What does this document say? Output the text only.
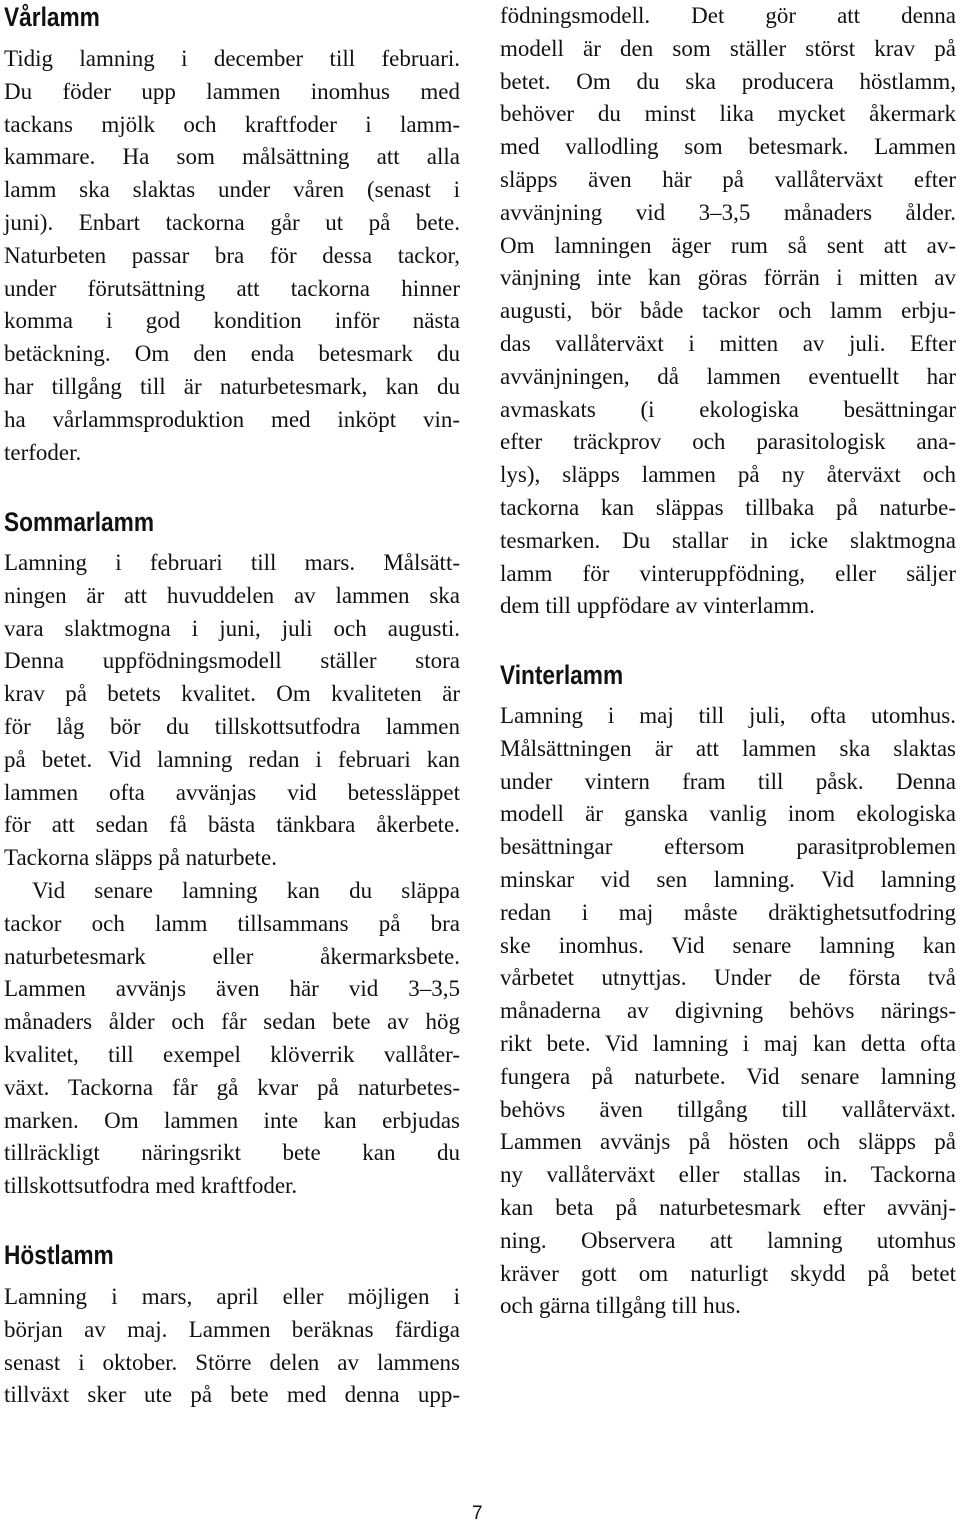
Vårlamm
Tidig lamning i december till februari.
Du föder upp lammen inomhus med
tackans mjölk och kraftfoder i lamm-
kammare. Ha som målsättning att alla
lamm ska slaktas under våren (senast i
juni). Enbart tackorna går ut på bete.
Naturbeten passar bra för dessa tackor,
under förutsättning att tackorna hinner
komma i god kondition inför nästa
betäckning. Om den enda betesmark du
har tillgång till är naturbetesmark, kan du
ha vårlammsproduktion med inköpt vin-
terfoder.
Sommarlamm
Lamning i februari till mars. Målsätt-
ningen är att huvuddelen av lammen ska
vara slaktmogna i juni, juli och augusti.
Denna uppfödningsmodell ställer stora
krav på betets kvalitet. Om kvaliteten är
för låg bör du tillskottsutfodra lammen
på betet. Vid lamning redan i februari kan
lammen ofta avvänjas vid betessläppet
för att sedan få bästa tänkbara åkerbete.
Tackorna släpps på naturbete.
Vid senare lamning kan du släppa
tackor och lamm tillsammans på bra
naturbetesmark eller åkermarksbete.
Lammen avvänjs även här vid 3–3,5
månaders ålder och får sedan bete av hög
kvalitet, till exempel klöverrik vallåter-
växt. Tackorna får gå kvar på naturbetes-
marken. Om lammen inte kan erbjudas
tillräckligt näringsrikt bete kan du
tillskottsutfodra med kraftfoder.
Höstlamm
Lamning i mars, april eller möjligen i
början av maj. Lammen beräknas färdiga
senast i oktober. Större delen av lammens
tillväxt sker ute på bete med denna upp-
födningsmodell. Det gör att denna
modell är den som ställer störst krav på
betet. Om du ska producera höstlamm,
behöver du minst lika mycket åkermark
med vallodling som betesmark. Lammen
släpps även här på vallåterväxt efter
avvänjning vid 3–3,5 månaders ålder.
Om lamningen äger rum så sent att av-
vänjning inte kan göras förrän i mitten av
augusti, bör både tackor och lamm erbju-
das vallåterväxt i mitten av juli. Efter
avvänjningen, då lammen eventuellt har
avmaskats (i ekologiska besättningar
efter träckprov och parasitologisk ana-
lys), släpps lammen på ny återväxt och
tackorna kan släppas tillbaka på naturbe-
tesmarken. Du stallar in icke slaktmogna
lamm för vinteruppfödning, eller säljer
dem till uppfödare av vinterlamm.
Vinterlamm
Lamning i maj till juli, ofta utomhus.
Målsättningen är att lammen ska slaktas
under vintern fram till påsk. Denna
modell är ganska vanlig inom ekologiska
besättningar eftersom parasitproblemen
minskar vid sen lamning. Vid lamning
redan i maj måste dräktighetsutfodring
ske inomhus. Vid senare lamning kan
vårbetet utnyttjas. Under de första två
månaderna av digivning behövs närings-
rikt bete. Vid lamning i maj kan detta ofta
fungera på naturbete. Vid senare lamning
behövs även tillgång till vallåterväxt.
Lammen avvänjs på hösten och släpps på
ny vallåterväxt eller stallas in. Tackorna
kan beta på naturbetesmark efter avvänj-
ning. Observera att lamning utomhus
kräver gott om naturligt skydd på betet
och gärna tillgång till hus.
7
